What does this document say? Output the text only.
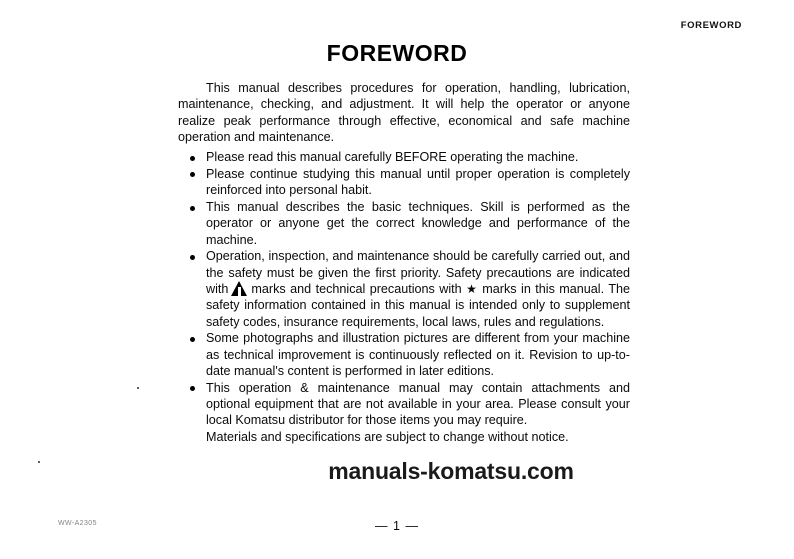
FOREWORD
FOREWORD

This manual describes procedures for operation, handling, lubrication, maintenance, checking, and adjustment. It will help the operator or anyone realize peak performance through effective, economical and safe machine operation and maintenance.

Please read this manual carefully BEFORE operating the machine.
Please continue studying this manual until proper operation is completely reinforced into personal habit.
This manual describes the basic techniques. Skill is performed as the operator or anyone get the correct knowledge and performance of the machine.
Operation, inspection, and maintenance should be carefully carried out, and the safety must be given the first priority. Safety precautions are indicated with marks and technical precautions with ★ marks in this manual. The safety information contained in this manual is intended only to supplement safety codes, insurance requirements, local laws, rules and regulations.
Some photographs and illustration pictures are different from your machine as technical improvement is continuously reflected on it. Revision to up-to-date manual's content is performed in later editions.
This operation & maintenance manual may contain attachments and optional equipment that are not available in your area. Please consult your local Komatsu distributor for those items you may require.
Materials and specifications are subject to change without notice.
manuals-komatsu.com
WW-A2305	— 1 —
